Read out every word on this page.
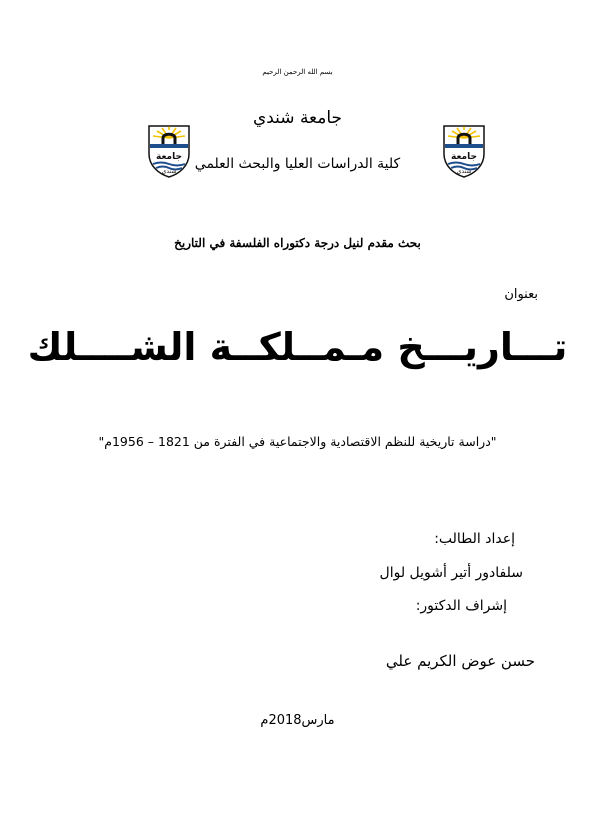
بسم الله الرحمن الرحيم
جامعة شندي
جامعة
شندي
جامعة
شندي
كلية الدراسات العليا والبحث العلمي
بحث مقدم لنيل درجة دكتوراه الفلسفة في التاريخ
بعنوان
تـــاريـــخ مـمــلكــة الشــــلك
"دراسة تاريخية للنظم الاقتصادية والاجتماعية في الفترة من 1821 – 1956م"
إعداد الطالب:
سلفادور أتير أشويل لوال
إشراف الدكتور:
حسن عوض الكريم علي
مارس2018م
